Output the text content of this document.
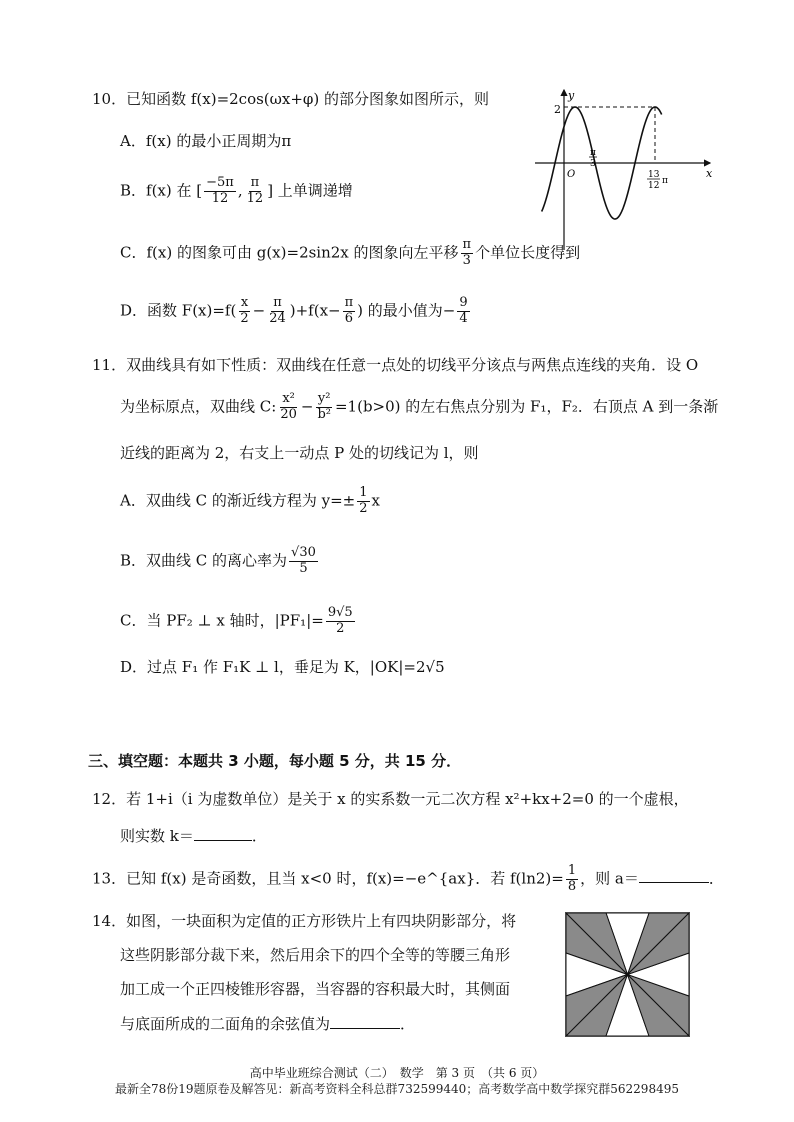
10．已知函数 f(x)=2cos(ωx+φ) 的部分图象如图所示，则
A．f(x) 的最小正周期为π
B．f(x) 在 [ $\frac{-5\pi}{12}$ , $\frac{\pi}{12}$ ] 上单调递增
C．f(x) 的图象可由 g(x)=2sin2x 的图象向左平移 $\frac{\pi}{3}$ 个单位长度得到
D．函数 $F(x)=f( \frac{x}{2} - \frac{\pi}{24} )+f(x- \frac{\pi}{6}$ ) 的最小值为− $\frac{9}{4}$
y
x
2
O
π
3
13
12 π
11．双曲线具有如下性质：双曲线在任意一点处的切线平分该点与两焦点连线的夹角．设 O
为坐标原点，双曲线 C: $\frac{\text{x²}}{20} - \frac{\text{y²}}{\text{b²}} =1(b>0)$ 的左右焦点分别为 F₁，F₂．右顶点 A 到一条渐
近线的距离为 2，右支上一动点 P 处的切线记为 l，则
A．双曲线 C 的渐近线方程为 $y=\pm \frac{1}{2}$ x
B．双曲线 C 的离心率为 $\frac{√30}{5}$
C．当 PF₂ ⊥ x 轴时，$|PF_1|= \frac{9√5}{2}$
D．过点 F₁ 作 F₁K ⊥ l，垂足为 K，|OK|=2√5
三、填空题：本题共 3 小题，每小题 5 分，共 15 分．
12．若 1+i（i 为虚数单位）是关于 x 的实系数一元二次方程 x²+kx+2=0 的一个虚根，
则实数 k＝	．
13．已知 f(x) 是奇函数，且当 x<0 时，f(x)=−e^{ax}．若 $f(\ln 2)= \frac{1}{8}$ ，则 a＝	．
14．如图，一块面积为定值的正方形铁片上有四块阴影部分，将
这些阴影部分裁下来，然后用余下的四个全等的等腰三角形
加工成一个正四棱锥形容器，当容器的容积最大时，其侧面
与底面所成的二面角的余弦值为	．
高中毕业班综合测试（二）　数学　第 3 页　（共 6 页）
最新全78份19题原卷及解答见：新高考资料全科总群732599440；高考数学高中数学探究群562298495
